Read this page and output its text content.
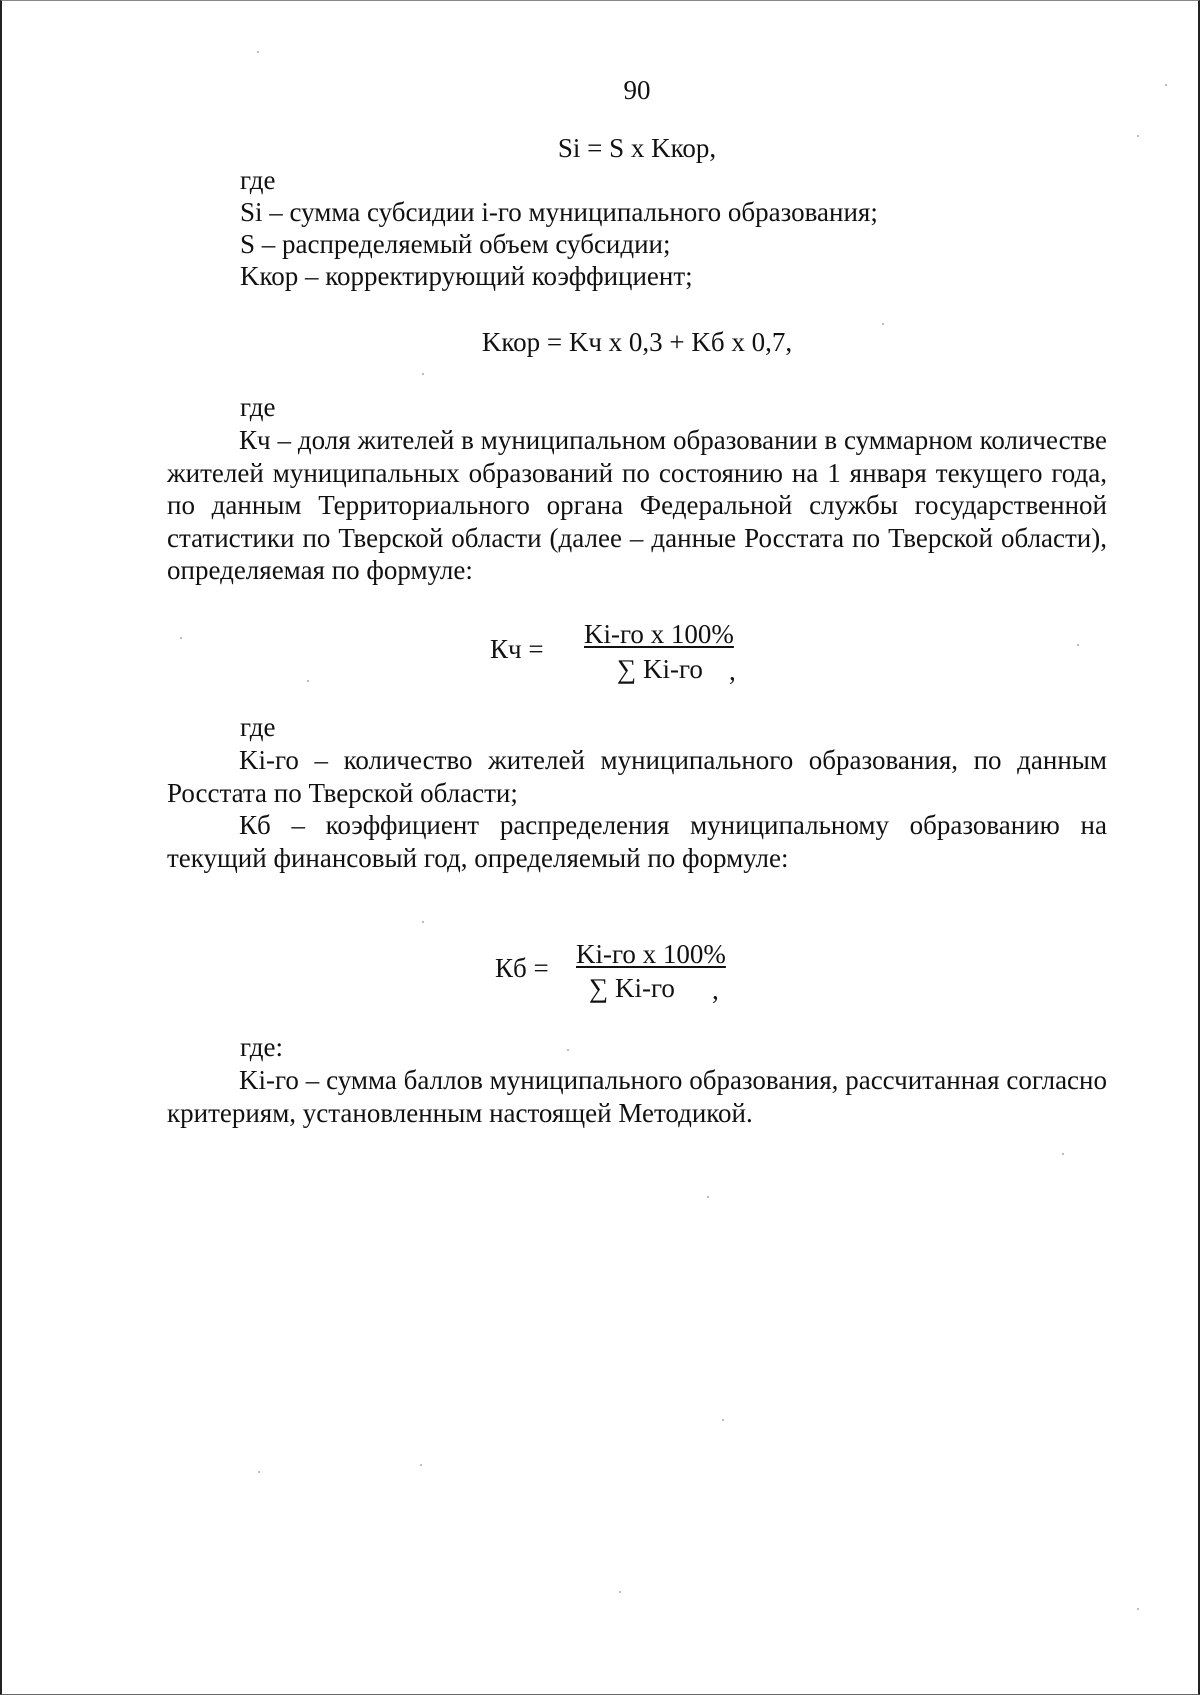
90
Si = S x Kкор,
где
Si – сумма субсидии i-го муниципального образования;
S – распределяемый объем субсидии;
Kкор – корректирующий коэффициент;
Kкор = Kч x 0,3 + Kб x 0,7,
где
Кч – доля жителей в муниципальном образовании в суммарном количестве жителей муниципальных образований по состоянию на 1 января текущего года, по данным Территориального органа Федеральной службы государственной статистики по Тверской области (далее – данные Росстата по Тверской области), определяемая по формуле:
Кч = Ki-го x 100%
∑ Ki-го ,
где
Ki-го – количество жителей муниципального образования, по данным Росстата по Тверской области;
Кб – коэффициент распределения муниципальному образованию на текущий финансовый год, определяемый по формуле:
Кб = Ki-го x 100%
∑ Ki-го ,
где:
Ki-го – сумма баллов муниципального образования, рассчитанная согласно критериям, установленным настоящей Методикой.
